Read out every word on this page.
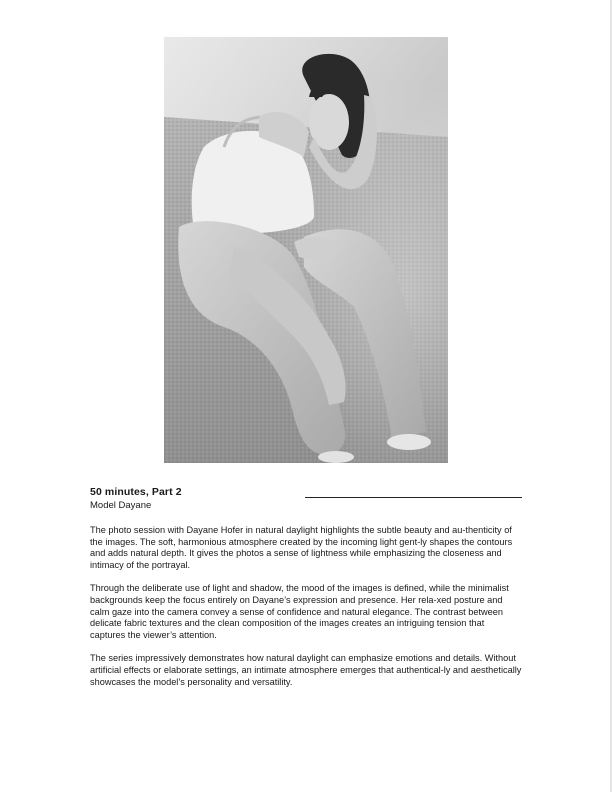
50 minutes, Part 2
Model Dayane

The photo session with Dayane Hofer in natural daylight highlights the subtle beauty and au-thenticity of the images. The soft, harmonious atmosphere created by the incoming light gent-ly shapes the contours and adds natural depth. It gives the photos a sense of lightness while emphasizing the closeness and intimacy of the portrayal.

Through the deliberate use of light and shadow, the mood of the images is defined, while the minimalist backgrounds keep the focus entirely on Dayane’s expression and presence. Her rela-xed posture and calm gaze into the camera convey a sense of confidence and natural elegance. The contrast between delicate fabric textures and the clean composition of the images creates an intriguing tension that captures the viewer’s attention.

The series impressively demonstrates how natural daylight can emphasize emotions and details. Without artificial effects or elaborate settings, an intimate atmosphere emerges that authentical-ly and aesthetically showcases the model’s personality and versatility.
